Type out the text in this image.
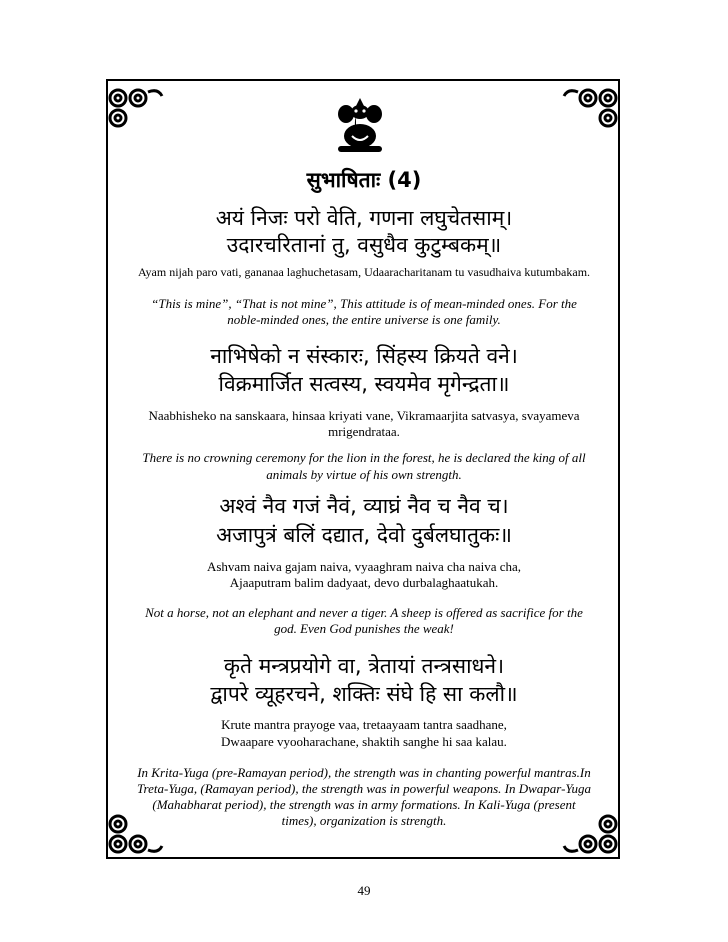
सुभाषिताः (4)
अयं निजः परो वेति, गणना लघुचेतसाम्।
उदारचरितानां तु, वसुधैव कुटुम्बकम्॥
Ayam nijah paro vati, gananaa laghuchetasam, Udaaracharitanam tu vasudhaiva kutumbakam.
“This is mine”, “That is not mine”, This attitude is of mean-minded ones. For the
noble-minded ones, the entire universe is one family.
नाभिषेको न संस्कारः, सिंहस्य क्रियते वने।
विक्रमार्जित सत्वस्य, स्वयमेव मृगेन्द्रता॥
Naabhisheko na sanskaara, hinsaa kriyati vane, Vikramaarjita satvasya, svayameva
mrigendrataa.
There is no crowning ceremony for the lion in the forest, he is declared the king of all
animals by virtue of his own strength.
अश्वं नैव गजं नैवं, व्याघ्रं नैव च नैव च।
अजापुत्रं बलिं दद्यात, देवो दुर्बलघातुकः॥
Ashvam naiva gajam naiva, vyaaghram naiva cha naiva cha,
Ajaaputram balim dadyaat, devo durbalaghaatukah.
Not a horse, not an elephant and never a tiger. A sheep is offered as sacrifice for the
god. Even God punishes the weak!
कृते मन्त्रप्रयोगे वा, त्रेतायां तन्त्रसाधने।
द्वापरे व्यूहरचने, शक्तिः संघे हि सा कलौ॥
Krute mantra prayoge vaa, tretaayaam tantra saadhane,
Dwaapare vyooharachane, shaktih sanghe hi saa kalau.
In Krita-Yuga (pre-Ramayan period), the strength was in chanting powerful mantras.In
Treta-Yuga, (Ramayan period), the strength was in powerful weapons. In Dwapar-Yuga
(Mahabharat period), the strength was in army formations. In Kali-Yuga (present
times), organization is strength.
49
